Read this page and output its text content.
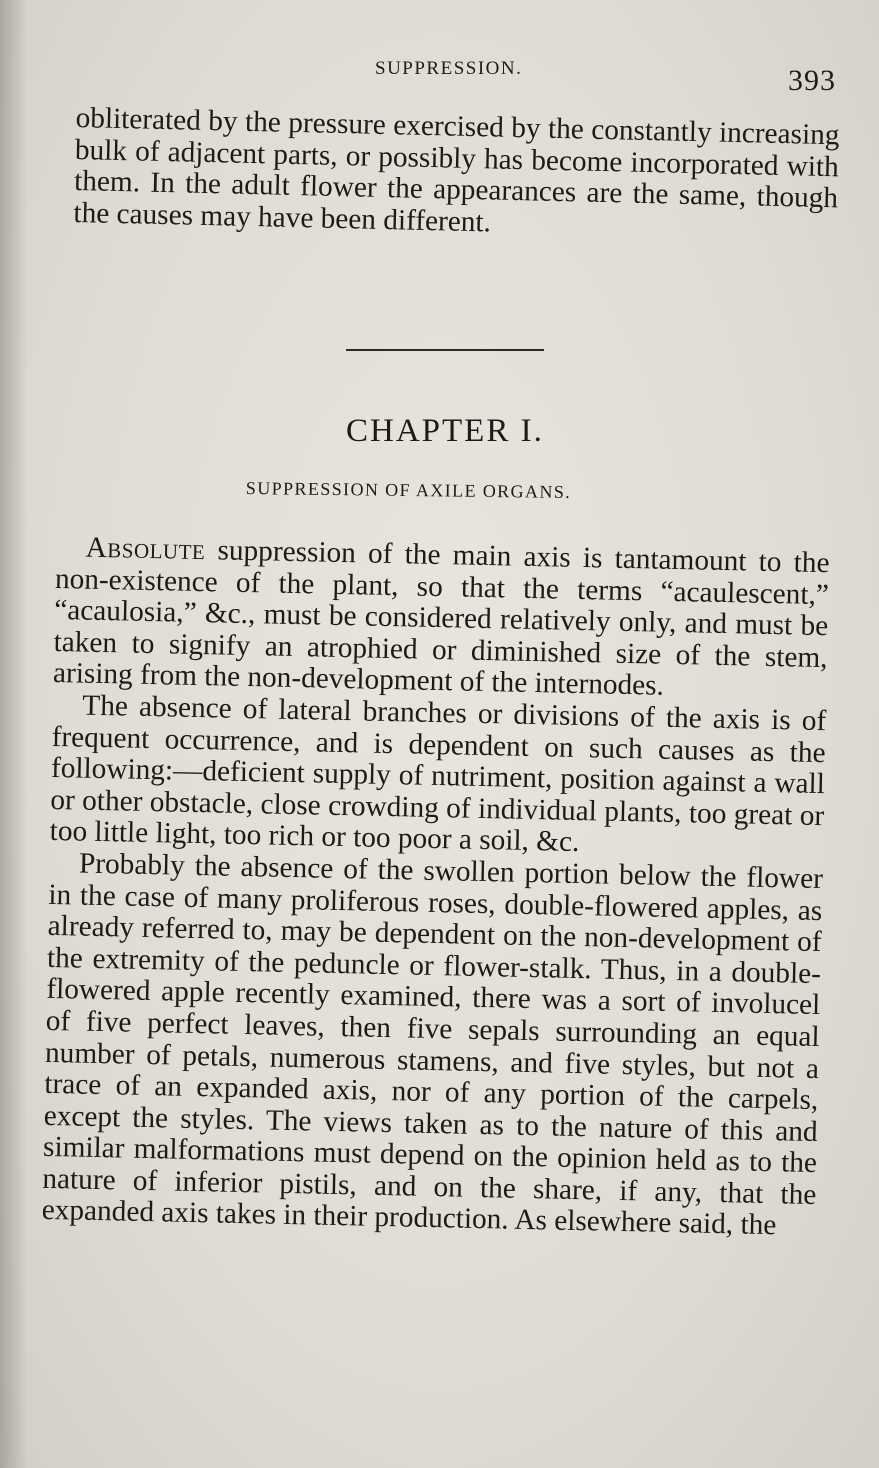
SUPPRESSION.	393

obliterated by the pressure exercised by the constantly increasing bulk of adjacent parts, or possibly has become incorporated with them. In the adult flower the appearances are the same, though the causes may have been different.

CHAPTER I.
SUPPRESSION OF AXILE ORGANS.

Absolute suppression of the main axis is tantamount to the non-existence of the plant, so that the terms “acaulescent,” “acaulosia,” &c., must be considered relatively only, and must be taken to signify an atrophied or diminished size of the stem, arising from the non-development of the internodes.

The absence of lateral branches or divisions of the axis is of frequent occurrence, and is dependent on such causes as the following:—deficient supply of nutriment, position against a wall or other obstacle, close crowding of individual plants, too great or too little light, too rich or too poor a soil, &c.

Probably the absence of the swollen portion below the flower in the case of many proliferous roses, double-flowered apples, as already referred to, may be dependent on the non-development of the extremity of the peduncle or flower-stalk. Thus, in a double-flowered apple recently examined, there was a sort of involucel of five perfect leaves, then five sepals surrounding an equal number of petals, numerous stamens, and five styles, but not a trace of an expanded axis, nor of any portion of the carpels, except the styles. The views taken as to the nature of this and similar malformations must depend on the opinion held as to the nature of inferior pistils, and on the share, if any, that the expanded axis takes in their production. As elsewhere said, the
